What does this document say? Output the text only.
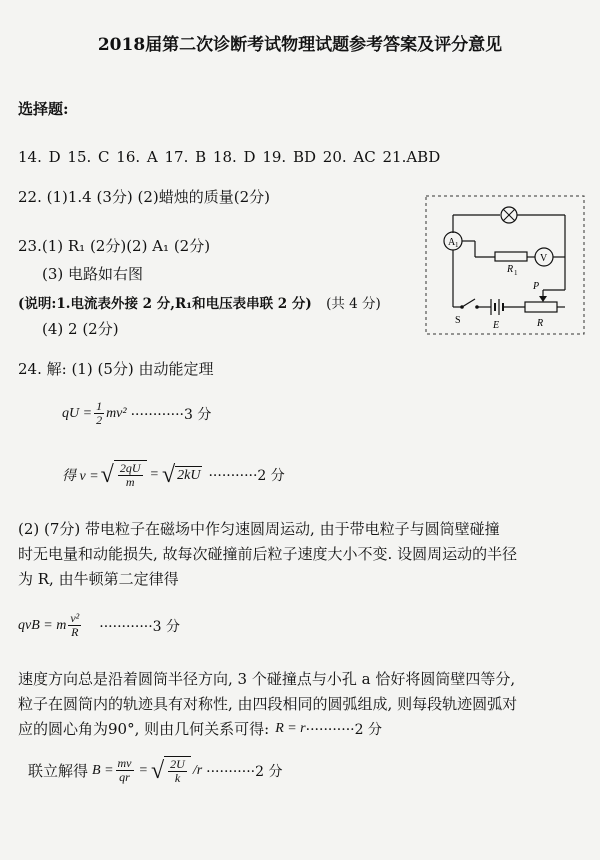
2018届第二次诊断考试物理试题参考答案及评分意见
选择题:
14. D 15. C 16. A 17. B 18. D 19. BD 20. AC 21.ABD
22. (1)1.4 (3分) (2)蜡烛的质量(2分)
23.(1) R₁ (2分)(2) A₁ (2分)
(3) 电路如右图
(说明:1.电流表外接 2 分,R₁和电压表串联 2 分) (共 4 分)
(4) 2 (2分)
A 1
R 1
V
S	E	R
P
24. 解: (1) (5分) 由动能定理
qU = $\frac{1}{2} mv^2 \cdot\cdot\cdot\cdot\cdot\cdot\cdot\cdot\cdot\cdot\cdot\cdot 3$ 分
得 v = √ $\frac{2qU}{m}$ = √ 2kU ···········2 分
(2) (7分) 带电粒子在磁场中作匀速圆周运动, 由于带电粒子与圆筒壁碰撞
时无电量和动能损失, 故每次碰撞前后粒子速度大小不变. 设圆周运动的半径
为 R, 由牛顿第二定律得
qvB = m $\frac{\text{v²}}{R} \cdot\cdot\cdot\cdot\cdot\cdot\cdot\cdot\cdot\cdot\cdot\cdot 3$ 分
速度方向总是沿着圆筒半径方向, 3 个碰撞点与小孔 a 恰好将圆筒壁四等分,
粒子在圆筒内的轨迹具有对称性, 由四段相同的圆弧组成, 则每段轨迹圆弧对
应的圆心角为90°, 则由几何关系可得: R = r ···········2 分
联立解得 $B = \frac{mv}{qr}$ = √ $\frac{2U}{k} /r \cdot\cdot\cdot\cdot\cdot\cdot\cdot\cdot\cdot\cdot\cdot 2$ 分
